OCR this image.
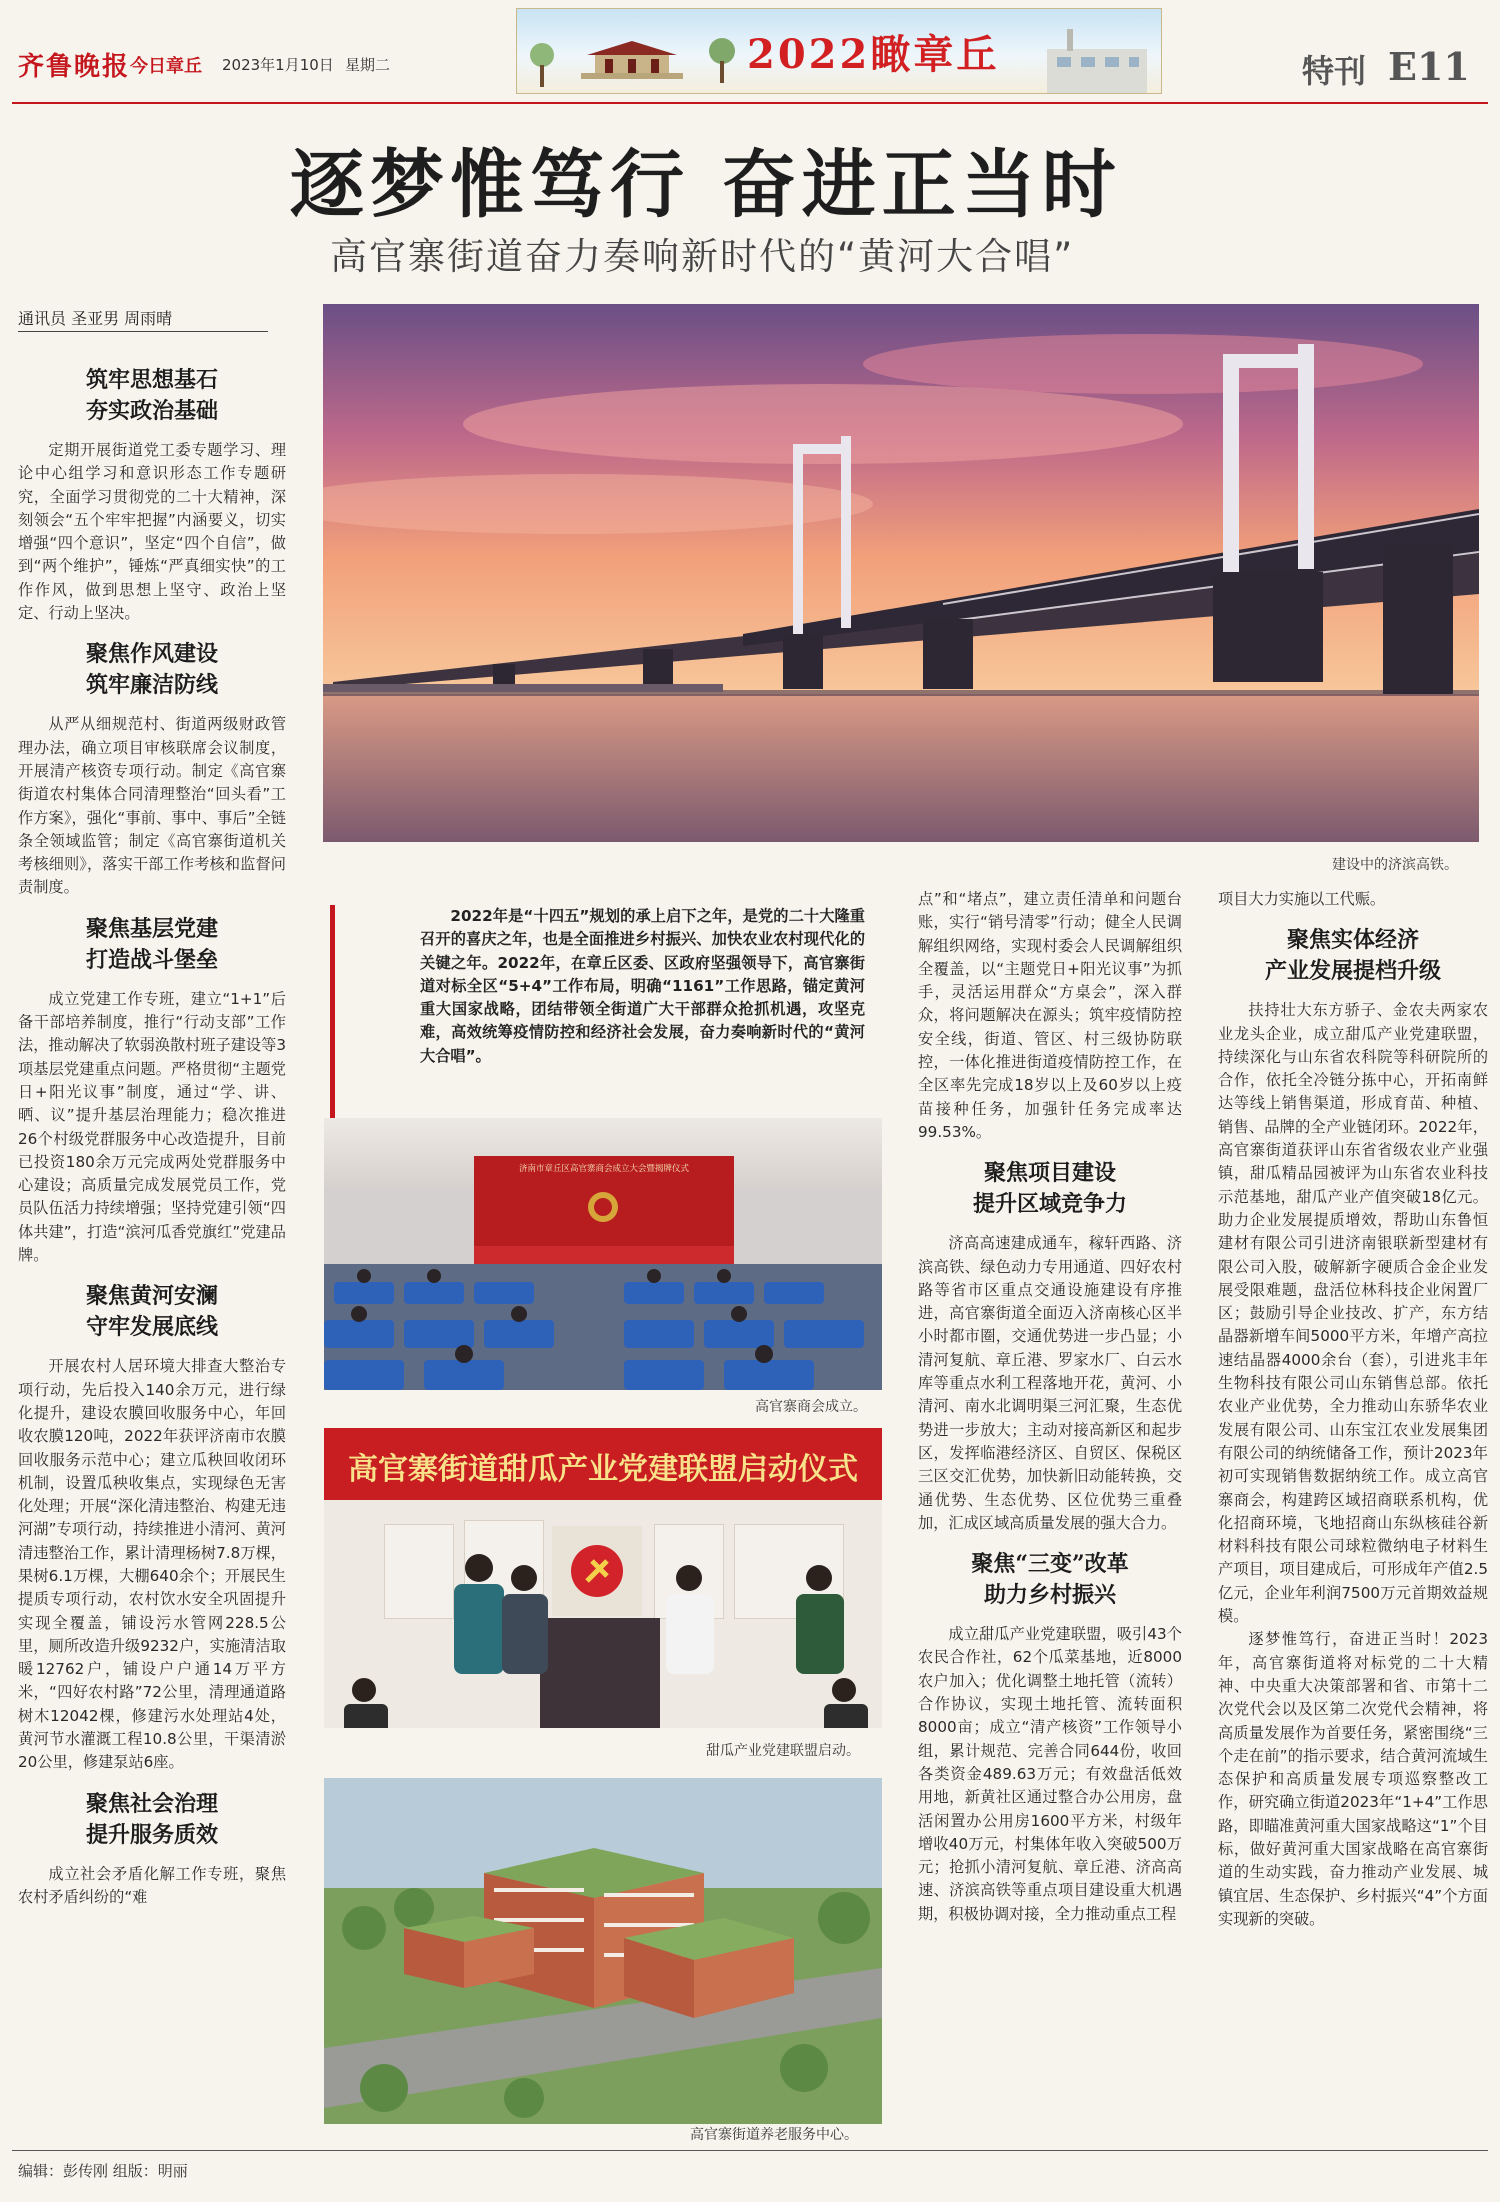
齐鲁晚报 今日章丘 2023年1月10日 星期二	2022瞰章丘	特刊 E11
逐梦惟笃行 奋进正当时
高官寨街道奋力奏响新时代的“黄河大合唱”
通讯员 圣亚男 周雨晴
筑牢思想基石
夯实政治基础

定期开展街道党工委专题学习、理论中心组学习和意识形态工作专题研究，全面学习贯彻党的二十大精神，深刻领会“五个牢牢把握”内涵要义，切实增强“四个意识”，坚定“四个自信”，做到“两个维护”，锤炼“严真细实快”的工作作风，做到思想上坚守、政治上坚定、行动上坚决。

聚焦作风建设
筑牢廉洁防线

从严从细规范村、街道两级财政管理办法，确立项目审核联席会议制度，开展清产核资专项行动。制定《高官寨街道农村集体合同清理整治“回头看”工作方案》，强化“事前、事中、事后”全链条全领域监管；制定《高官寨街道机关考核细则》，落实干部工作考核和监督问责制度。

聚焦基层党建
打造战斗堡垒

成立党建工作专班，建立“1+1”后备干部培养制度，推行“行动支部”工作法，推动解决了软弱涣散村班子建设等3项基层党建重点问题。严格贯彻“主题党日+阳光议事”制度，通过“学、讲、晒、议”提升基层治理能力；稳次推进26个村级党群服务中心改造提升，目前已投资180余万元完成两处党群服务中心建设；高质量完成发展党员工作，党员队伍活力持续增强；坚持党建引领“四体共建”，打造“滨河瓜香党旗红”党建品牌。

聚焦黄河安澜
守牢发展底线

开展农村人居环境大排查大整治专项行动，先后投入140余万元，进行绿化提升，建设农膜回收服务中心，年回收农膜120吨，2022年获评济南市农膜回收服务示范中心；建立瓜秧回收闭环机制，设置瓜秧收集点，实现绿色无害化处理；开展“深化清违整治、构建无违河湖”专项行动，持续推进小清河、黄河清违整治工作，累计清理杨树7.8万棵，果树6.1万棵，大棚640余个；开展民生提质专项行动，农村饮水安全巩固提升实现全覆盖，铺设污水管网228.5公里，厕所改造升级9232户，实施清洁取暖12762户，铺设户户通14万平方米，“四好农村路”72公里，清理通道路树木12042棵，修建污水处理站4处，黄河节水灌溉工程10.8公里，干渠清淤20公里，修建泵站6座。

聚焦社会治理
提升服务质效

成立社会矛盾化解工作专班，聚焦农村矛盾纠纷的“难

建设中的济滨高铁。
2022年是“十四五”规划的承上启下之年，是党的二十大隆重召开的喜庆之年，也是全面推进乡村振兴、加快农业农村现代化的关键之年。2022年，在章丘区委、区政府坚强领导下，高官寨街道对标全区“5+4”工作布局，明确“1161”工作思路，锚定黄河重大国家战略，团结带领全街道广大干部群众抢抓机遇，攻坚克难，高效统筹疫情防控和经济社会发展，奋力奏响新时代的“黄河大合唱”。
济南市章丘区高官寨商会成立大会暨揭牌仪式
高官寨商会成立。
高官寨街道甜瓜产业党建联盟启动仪式
甜瓜产业党建联盟启动。
高官寨街道养老服务中心。

点”和“堵点”，建立责任清单和问题台账，实行“销号清零”行动；健全人民调解组织网络，实现村委会人民调解组织全覆盖，以“主题党日+阳光议事”为抓手，灵活运用群众“方桌会”，深入群众，将问题解决在源头；筑牢疫情防控安全线，街道、管区、村三级协防联控，一体化推进街道疫情防控工作，在全区率先完成18岁以上及60岁以上疫苗接种任务，加强针任务完成率达99.53%。

聚焦项目建设
提升区域竞争力

济高高速建成通车，稼轩西路、济滨高铁、绿色动力专用通道、四好农村路等省市区重点交通设施建设有序推进，高官寨街道全面迈入济南核心区半小时都市圈，交通优势进一步凸显；小清河复航、章丘港、罗家水厂、白云水库等重点水利工程落地开花，黄河、小清河、南水北调明渠三河汇聚，生态优势进一步放大；主动对接高新区和起步区，发挥临港经济区、自贸区、保税区三区交汇优势，加快新旧动能转换，交通优势、生态优势、区位优势三重叠加，汇成区域高质量发展的强大合力。

聚焦“三变”改革
助力乡村振兴

成立甜瓜产业党建联盟，吸引43个农民合作社，62个瓜菜基地，近8000农户加入；优化调整土地托管（流转）合作协议，实现土地托管、流转面积8000亩；成立“清产核资”工作领导小组，累计规范、完善合同644份，收回各类资金489.63万元；有效盘活低效用地，新黄社区通过整合办公用房，盘活闲置办公用房1600平方米，村级年增收40万元，村集体年收入突破500万元；抢抓小清河复航、章丘港、济高高速、济滨高铁等重点项目建设重大机遇期，积极协调对接，全力推动重点工程

项目大力实施以工代赈。

聚焦实体经济
产业发展提档升级

扶持壮大东方骄子、金农夫两家农业龙头企业，成立甜瓜产业党建联盟，持续深化与山东省农科院等科研院所的合作，依托全冷链分拣中心，开拓南鲜达等线上销售渠道，形成育苗、种植、销售、品牌的全产业链闭环。2022年，高官寨街道获评山东省省级农业产业强镇，甜瓜精品园被评为山东省农业科技示范基地，甜瓜产业产值突破18亿元。助力企业发展提质增效，帮助山东鲁恒建材有限公司引进济南银联新型建材有限公司入股，破解新字硬质合金企业发展受限难题，盘活位林科技企业闲置厂区；鼓励引导企业技改、扩产，东方结晶器新增车间5000平方米，年增产高拉速结晶器4000余台（套），引进兆丰年生物科技有限公司山东销售总部。依托农业产业优势，全力推动山东骄华农业发展有限公司、山东宝江农业发展集团有限公司的纳统储备工作，预计2023年初可实现销售数据纳统工作。成立高官寨商会，构建跨区域招商联系机构，优化招商环境，飞地招商山东纵核硅谷新材料科技有限公司球粒微纳电子材料生产项目，项目建成后，可形成年产值2.5亿元，企业年利润7500万元首期效益规模。

逐梦惟笃行，奋进正当时！2023年，高官寨街道将对标党的二十大精神、中央重大决策部署和省、市第十二次党代会以及区第二次党代会精神，将高质量发展作为首要任务，紧密围绕“三个走在前”的指示要求，结合黄河流域生态保护和高质量发展专项巡察整改工作，研究确立街道2023年“1+4”工作思路，即瞄准黄河重大国家战略这“1”个目标，做好黄河重大国家战略在高官寨街道的生动实践，奋力推动产业发展、城镇宜居、生态保护、乡村振兴“4”个方面实现新的突破。

编辑：彭传刚 组版：明丽
